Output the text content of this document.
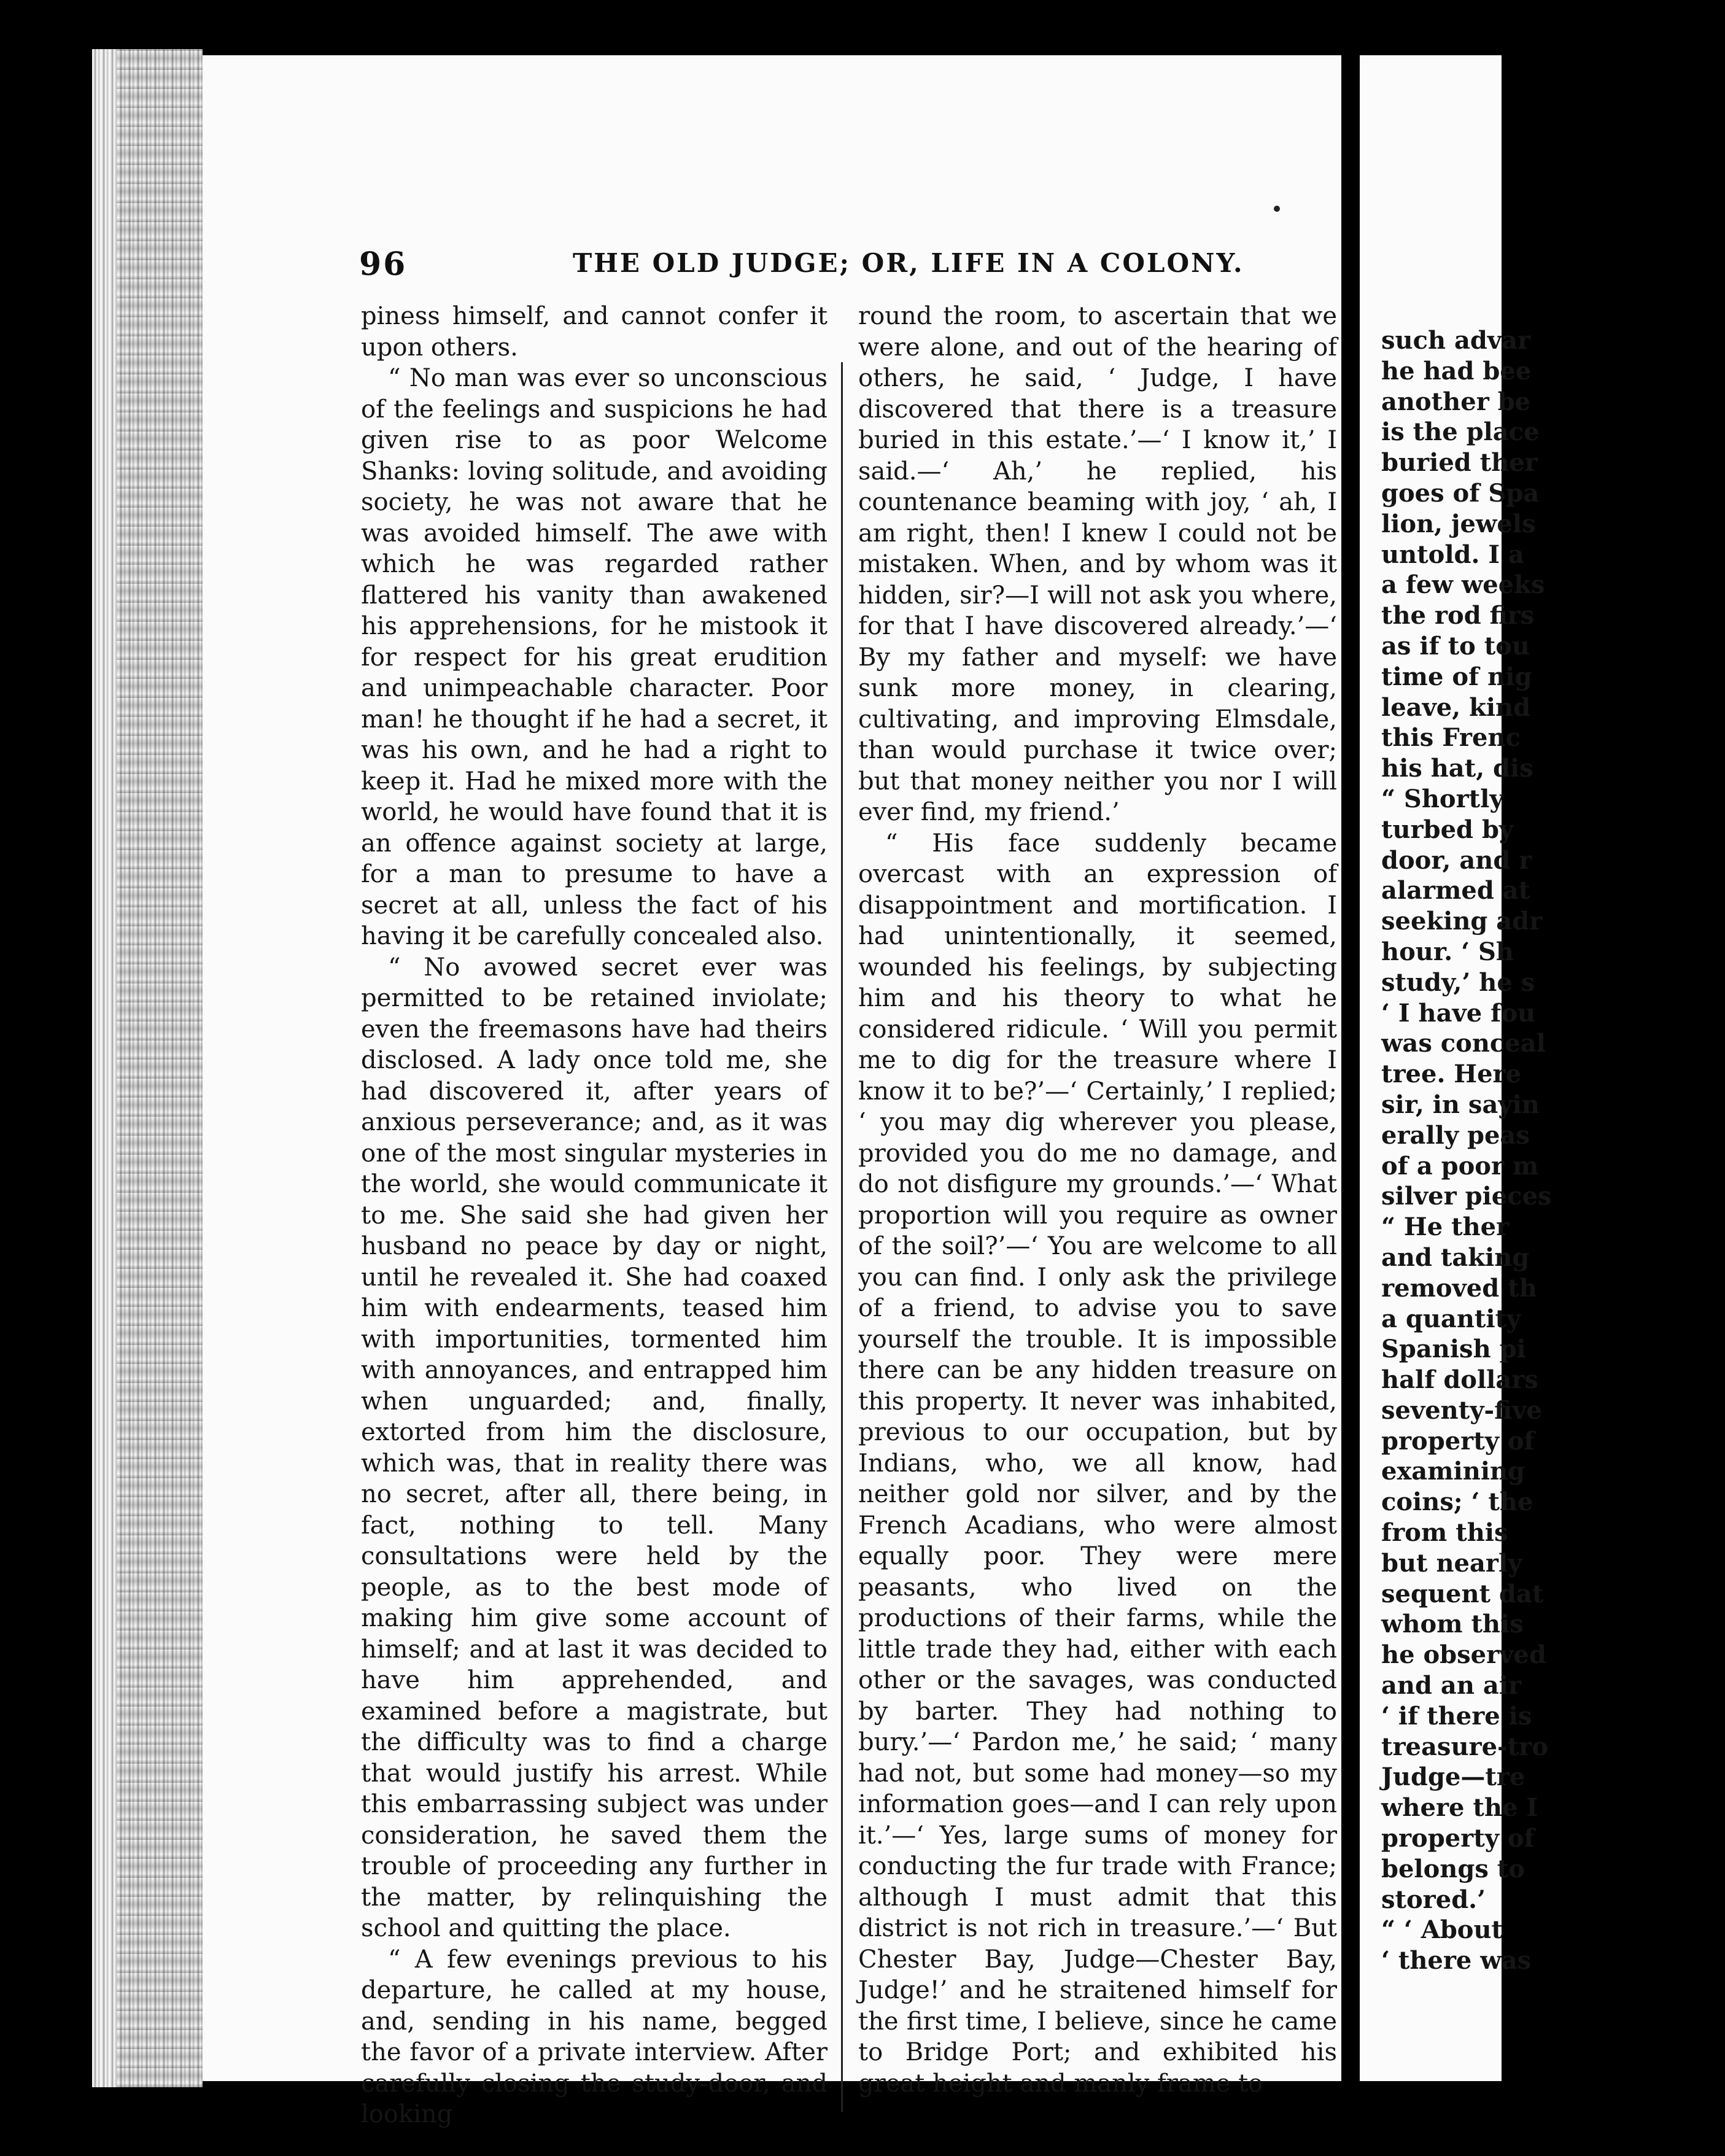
96	THE OLD JUDGE; OR, LIFE IN A COLONY.

piness himself, and cannot confer it upon others.

“ No man was ever so unconscious of the feelings and suspicions he had given rise to as poor Welcome Shanks: loving solitude, and avoiding society, he was not aware that he was avoided himself. The awe with which he was regarded rather flattered his vanity than awakened his apprehensions, for he mistook it for respect for his great erudition and unimpeachable character. Poor man! he thought if he had a secret, it was his own, and he had a right to keep it. Had he mixed more with the world, he would have found that it is an offence against society at large, for a man to presume to have a secret at all, unless the fact of his having it be carefully concealed also.

“ No avowed secret ever was permitted to be retained inviolate; even the freemasons have had theirs disclosed. A lady once told me, she had discovered it, after years of anxious perseverance; and, as it was one of the most singular mysteries in the world, she would communicate it to me. She said she had given her husband no peace by day or night, until he revealed it. She had coaxed him with endearments, teased him with importunities, tormented him with annoyances, and entrapped him when unguarded; and, finally, extorted from him the disclosure, which was, that in reality there was no secret, after all, there being, in fact, nothing to tell. Many consultations were held by the people, as to the best mode of making him give some account of himself; and at last it was decided to have him apprehended, and examined before a magistrate, but the difficulty was to find a charge that would justify his arrest. While this embarrassing subject was under consideration, he saved them the trouble of proceeding any further in the matter, by relinquishing the school and quitting the place.

“ A few evenings previous to his departure, he called at my house, and, sending in his name, begged the favor of a private interview. After carefully closing the study-door, and looking

round the room, to ascertain that we were alone, and out of the hearing of others, he said, ‘ Judge, I have discovered that there is a treasure buried in this estate.’—‘ I know it,’ I said.—‘ Ah,’ he replied, his countenance beaming with joy, ‘ ah, I am right, then! I knew I could not be mistaken. When, and by whom was it hidden, sir?—I will not ask you where, for that I have discovered already.’—‘ By my father and myself: we have sunk more money, in clearing, cultivating, and improving Elmsdale, than would purchase it twice over; but that money neither you nor I will ever find, my friend.’

“ His face suddenly became overcast with an expression of disappointment and mortification. I had unintentionally, it seemed, wounded his feelings, by subjecting him and his theory to what he considered ridicule. ‘ Will you permit me to dig for the treasure where I know it to be?’—‘ Certainly,’ I replied; ‘ you may dig wherever you please, provided you do me no damage, and do not disfigure my grounds.’—‘ What proportion will you require as owner of the soil?’—‘ You are welcome to all you can find. I only ask the privilege of a friend, to advise you to save yourself the trouble. It is impossible there can be any hidden treasure on this property. It never was inhabited, previous to our occupation, but by Indians, who, we all know, had neither gold nor silver, and by the French Acadians, who were almost equally poor. They were mere peasants, who lived on the productions of their farms, while the little trade they had, either with each other or the savages, was conducted by barter. They had nothing to bury.’—‘ Pardon me,’ he said; ‘ many had not, but some had money—so my information goes—and I can rely upon it.’—‘ Yes, large sums of money for conducting the fur trade with France; although I must admit that this district is not rich in treasure.’—‘ But Chester Bay, Judge—Chester Bay, Judge!’ and he straitened himself for the first time, I believe, since he came to Bridge Port; and exhibited his great height and manly frame to

such advar
he had bee
another be
is the place
buried ther
goes of Spa
lion, jewels
untold. I a
a few weeks
the rod firs
as if to tou
time of nig
leave, kind
this Frenc
his hat, dis
“ Shortly
turbed by
door, and r
alarmed at
seeking adr
hour. ‘ Sh
study,’ he s
‘ I have fou
was conceal
tree. Here
sir, in sayin
erally peas
of a poor m
silver pieces
“ He ther
and taking
removed th
a quantity
Spanish pi
half dollars
seventy-five
property of
examining
coins; ‘ the
from this
but nearly
sequent dat
whom this
he observed
and an air
‘ if there is
treasure-tro
Judge—tre
where the I
property of
belongs to
stored.’
“ ‘ About
‘ there was
